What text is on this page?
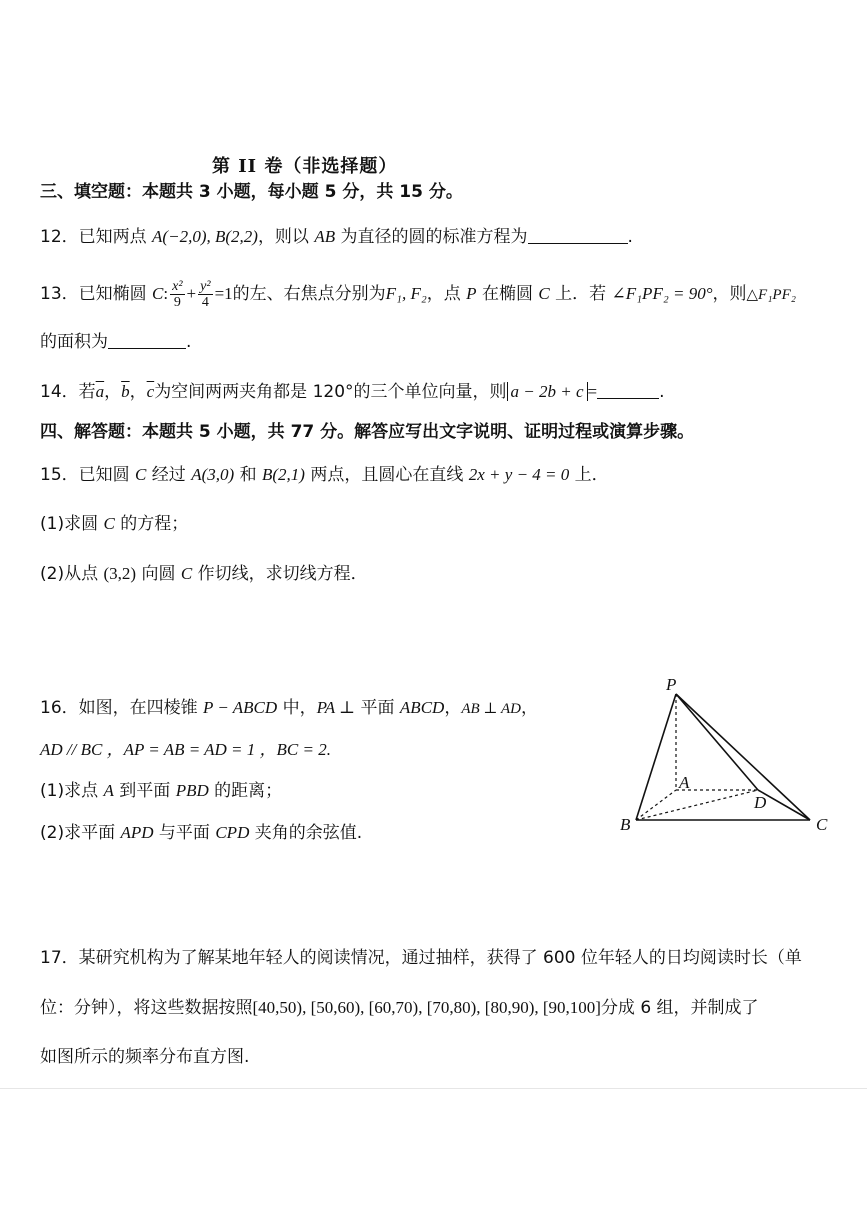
第 II 卷（非选择题）
三、填空题：本题共 3 小题，每小题 5 分，共 15 分。
12．已知两点 A(−2,0), B(2,2)，则以 AB 为直径的圆的标准方程为	.
13．已知椭圆 C: $\frac{\text{x²}}{9} + \frac{\text{y²}}{4} =1$的左、右焦点分别为F₁, F₂，点 P 在椭圆 C 上．若 ∠F₁PF₂ = 90°，则△F₁PF₂
的面积为	.
14．若$\overline{a}$，$\overline{b}$，$\overline{c}$为空间两两夹角都是 120°的三个单位向量，则 a − 2b + c =	.
四、解答题：本题共 5 小题，共 77 分。解答应写出文字说明、证明过程或演算步骤。
15．已知圆 C 经过 A(3,0) 和 B(2,1) 两点，且圆心在直线 2x + y − 4 = 0 上．
(1)求圆 C 的方程；
(2)从点 (3,2) 向圆 C 作切线，求切线方程．
16．如图，在四棱锥 P − ABCD 中，PA ⊥ 平面 ABCD，AB ⊥ AD，
AD // BC ，AP = AB = AD = 1 ，BC = 2.
(1)求点 A 到平面 PBD 的距离；
(2)求平面 APD 与平面 CPD 夹角的余弦值.
P
A
B	C
D
17．某研究机构为了解某地年轻人的阅读情况，通过抽样，获得了 600 位年轻人的日均阅读时长（单
位：分钟），将这些数据按照[40,50), [50,60), [60,70), [70,80), [80,90), [90,100]分成 6 组，并制成了
如图所示的频率分布直方图.
